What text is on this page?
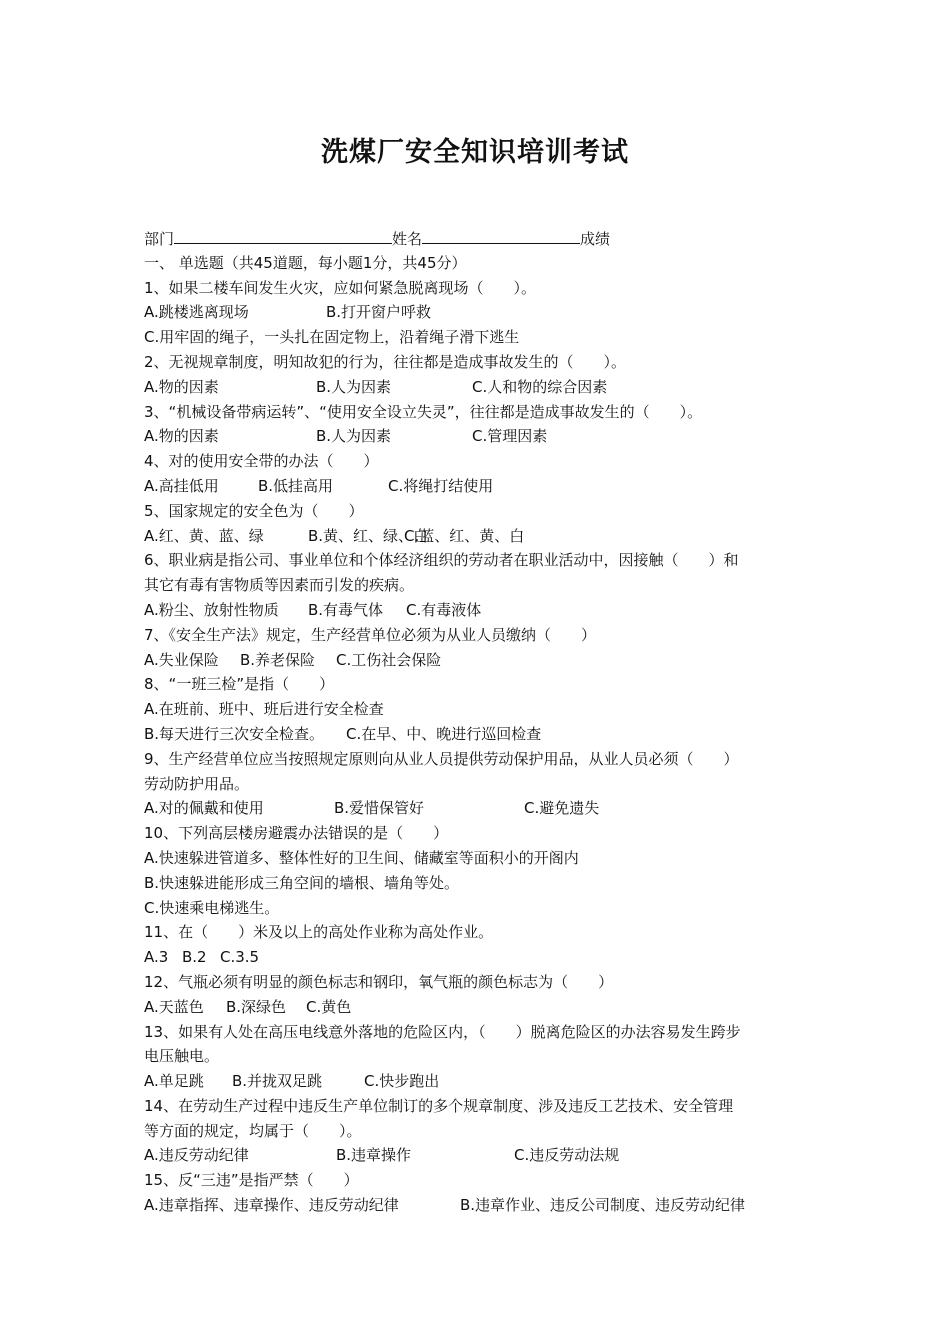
洗煤厂安全知识培训考试
部门	姓名	成绩
一、 单选题（共45道题，每小题1分，共45分）
1、如果二楼车间发生火灾，应如何紧急脱离现场（　　）。
A.跳楼逃离现场	B.打开窗户呼救
C.用牢固的绳子，一头扎在固定物上，沿着绳子滑下逃生
2、无视规章制度，明知故犯的行为，往往都是造成事故发生的（　　）。
A.物的因素	B.人为因素	C.人和物的综合因素
3、“机械设备带病运转”、“使用安全设立失灵”，往往都是造成事故发生的（　　）。
A.物的因素	B.人为因素	C.管理因素
4、对的使用安全带的办法（　　）
A.高挂低用	B.低挂高用	C.将绳打结使用
5、国家规定的安全色为（　　）
A.红、黄、蓝、绿	B.黄、红、绿、白C.蓝、红、黄、白
6、职业病是指公司、事业单位和个体经济组织的劳动者在职业活动中，因接触（　　）和
其它有毒有害物质等因素而引发的疾病。
A.粉尘、放射性物质 B.有毒气体 C.有毒液体
7、《安全生产法》规定，生产经营单位必须为从业人员缴纳（　　）
A.失业保险 B.养老保险 C.工伤社会保险
8、“一班三检”是指（　　）
A.在班前、班中、班后进行安全检查
B.每天进行三次安全检查。 C.在早、中、晚进行巡回检查
9、生产经营单位应当按照规定原则向从业人员提供劳动保护用品，从业人员必须（　　）
劳动防护用品。
A.对的佩戴和使用	B.爱惜保管好	C.避免遗失
10、下列高层楼房避震办法错误的是（　　）
A.快速躲进管道多、整体性好的卫生间、储藏室等面积小的开阁内
B.快速躲进能形成三角空间的墙根、墙角等处。
C.快速乘电梯逃生。
11、在（　　）米及以上的高处作业称为高处作业。
A.3 B.2 C.3.5
12、气瓶必须有明显的颜色标志和钢印，氧气瓶的颜色标志为（　　）
A.天蓝色 B.深绿色 C.黄色
13、如果有人处在高压电线意外落地的危险区内，（　　）脱离危险区的办法容易发生跨步
电压触电。
A.单足跳 B.并拢双足跳	C.快步跑出
14、在劳动生产过程中违反生产单位制订的多个规章制度、涉及违反工艺技术、安全管理
等方面的规定，均属于（　　）。
A.违反劳动纪律	B.违章操作	C.违反劳动法规
15、反“三违”是指严禁（　　）
A.违章指挥、违章操作、违反劳动纪律	B.违章作业、违反公司制度、违反劳动纪律
